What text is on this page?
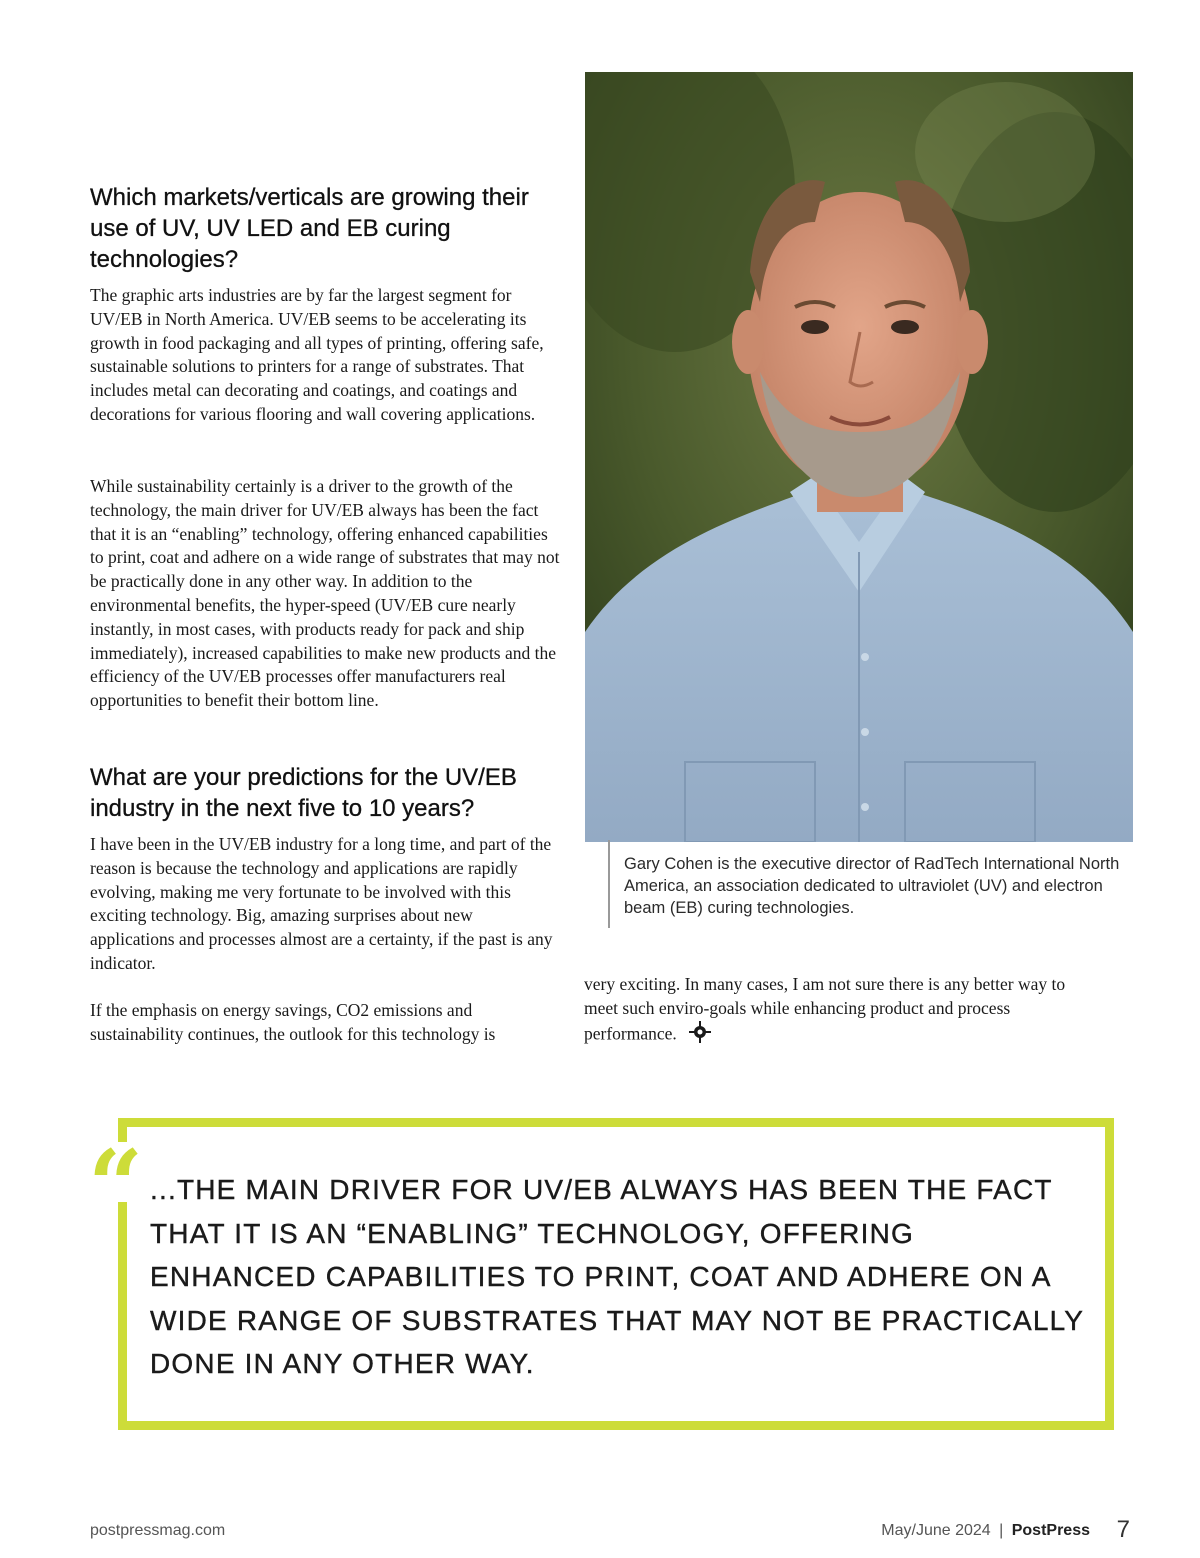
Which markets/verticals are growing their use of UV, UV LED and EB curing technologies?

The graphic arts industries are by far the largest segment for UV/EB in North America. UV/EB seems to be accelerating its growth in food packaging and all types of printing, offering safe, sustainable solutions to printers for a range of substrates. That includes metal can decorating and coatings, and coatings and decorations for various flooring and wall covering applications.

While sustainability certainly is a driver to the growth of the technology, the main driver for UV/EB always has been the fact that it is an “enabling” technology, offering enhanced capabilities to print, coat and adhere on a wide range of substrates that may not be practically done in any other way. In addition to the environmental benefits, the hyper-speed (UV/EB cure nearly instantly, in most cases, with products ready for pack and ship immediately), increased capabilities to make new products and the efficiency of the UV/EB processes offer manufacturers real opportunities to benefit their bottom line.

What are your predictions for the UV/EB industry in the next five to 10 years?

I have been in the UV/EB industry for a long time, and part of the reason is because the technology and applications are rapidly evolving, making me very fortunate to be involved with this exciting technology. Big, amazing surprises about new applications and processes almost are a certainty, if the past is any indicator.

If the emphasis on energy savings, CO2 emissions and sustainability continues, the outlook for this technology is

Gary Cohen is the executive director of RadTech International North America, an association dedicated to ultraviolet (UV) and electron beam (EB) curing technologies.

very exciting. In many cases, I am not sure there is any better way to meet such enviro-goals while enhancing product and process performance.

“ ...THE MAIN DRIVER FOR UV/EB ALWAYS HAS BEEN THE FACT THAT IT IS AN “ENABLING” TECHNOLOGY, OFFERING ENHANCED CAPABILITIES TO PRINT, COAT AND ADHERE ON A WIDE RANGE OF SUBSTRATES THAT MAY NOT BE PRACTICALLY DONE IN ANY OTHER WAY.
postpressmag.com	May/June 2024 | PostPress 7
